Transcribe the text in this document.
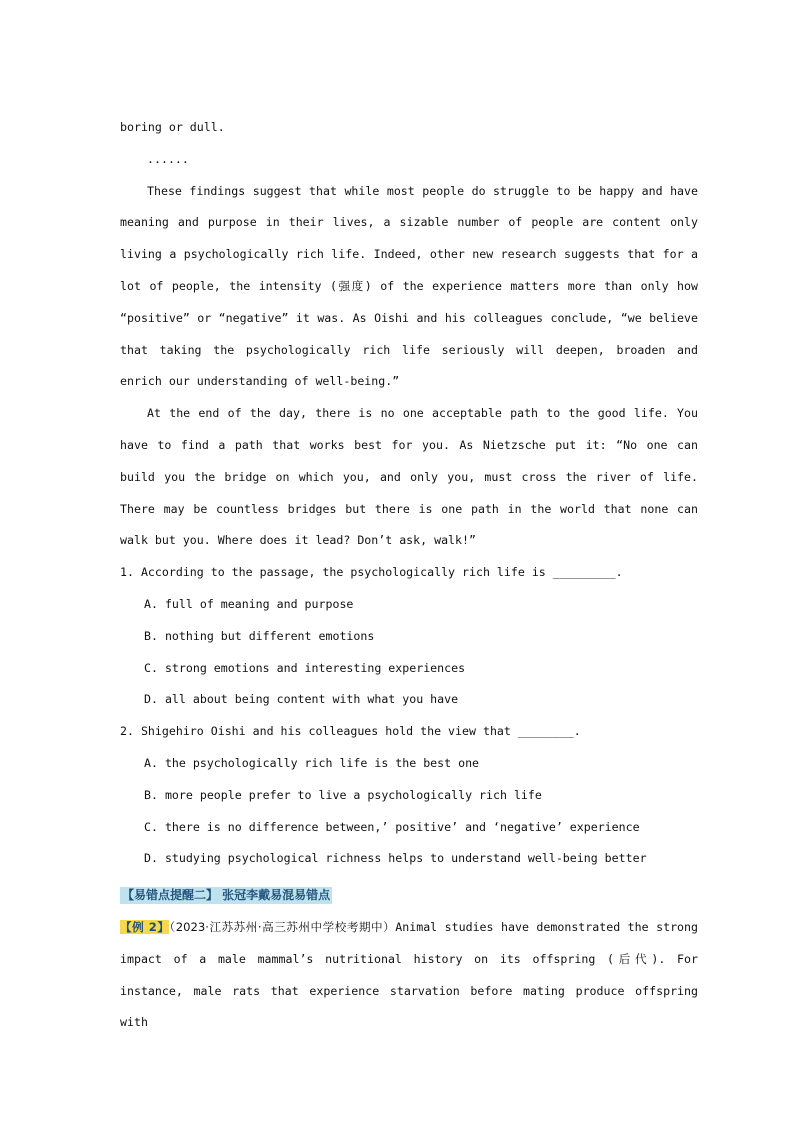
boring or dull.

......

These findings suggest that while most people do struggle to be happy and have meaning and purpose in their lives, a sizable number of people are content only living a psychologically rich life. Indeed, other new research suggests that for a lot of people, the intensity (强度) of the experience matters more than only how “positive” or “negative” it was. As Oishi and his colleagues conclude, “we believe that taking the psychologically rich life seriously will deepen, broaden and enrich our understanding of well-being.”

At the end of the day, there is no one acceptable path to the good life. You have to find a path that works best for you. As Nietzsche put it: “No one can build you the bridge on which you, and only you, must cross the river of life. There may be countless bridges but there is one path in the world that none can walk but you. Where does it lead? Don’t ask, walk!”

1. According to the passage, the psychologically rich life is _________.

A. full of meaning and purpose

B. nothing but different emotions

C. strong emotions and interesting experiences

D. all about being content with what you have

2. Shigehiro Oishi and his colleagues hold the view that ________.

A. the psychologically rich life is the best one

B. more people prefer to live a psychologically rich life

C. there is no difference between,’ positive’ and ‘negative’ experience

D. studying psychological richness helps to understand well-being better

【易错点提醒二】 张冠李戴易混易错点

【例 2】（2023·江苏苏州·高三苏州中学校考期中）Animal studies have demonstrated the strong impact of a male mammal’s nutritional history on its offspring (后代). For instance, male rats that experience starvation before mating produce offspring with
